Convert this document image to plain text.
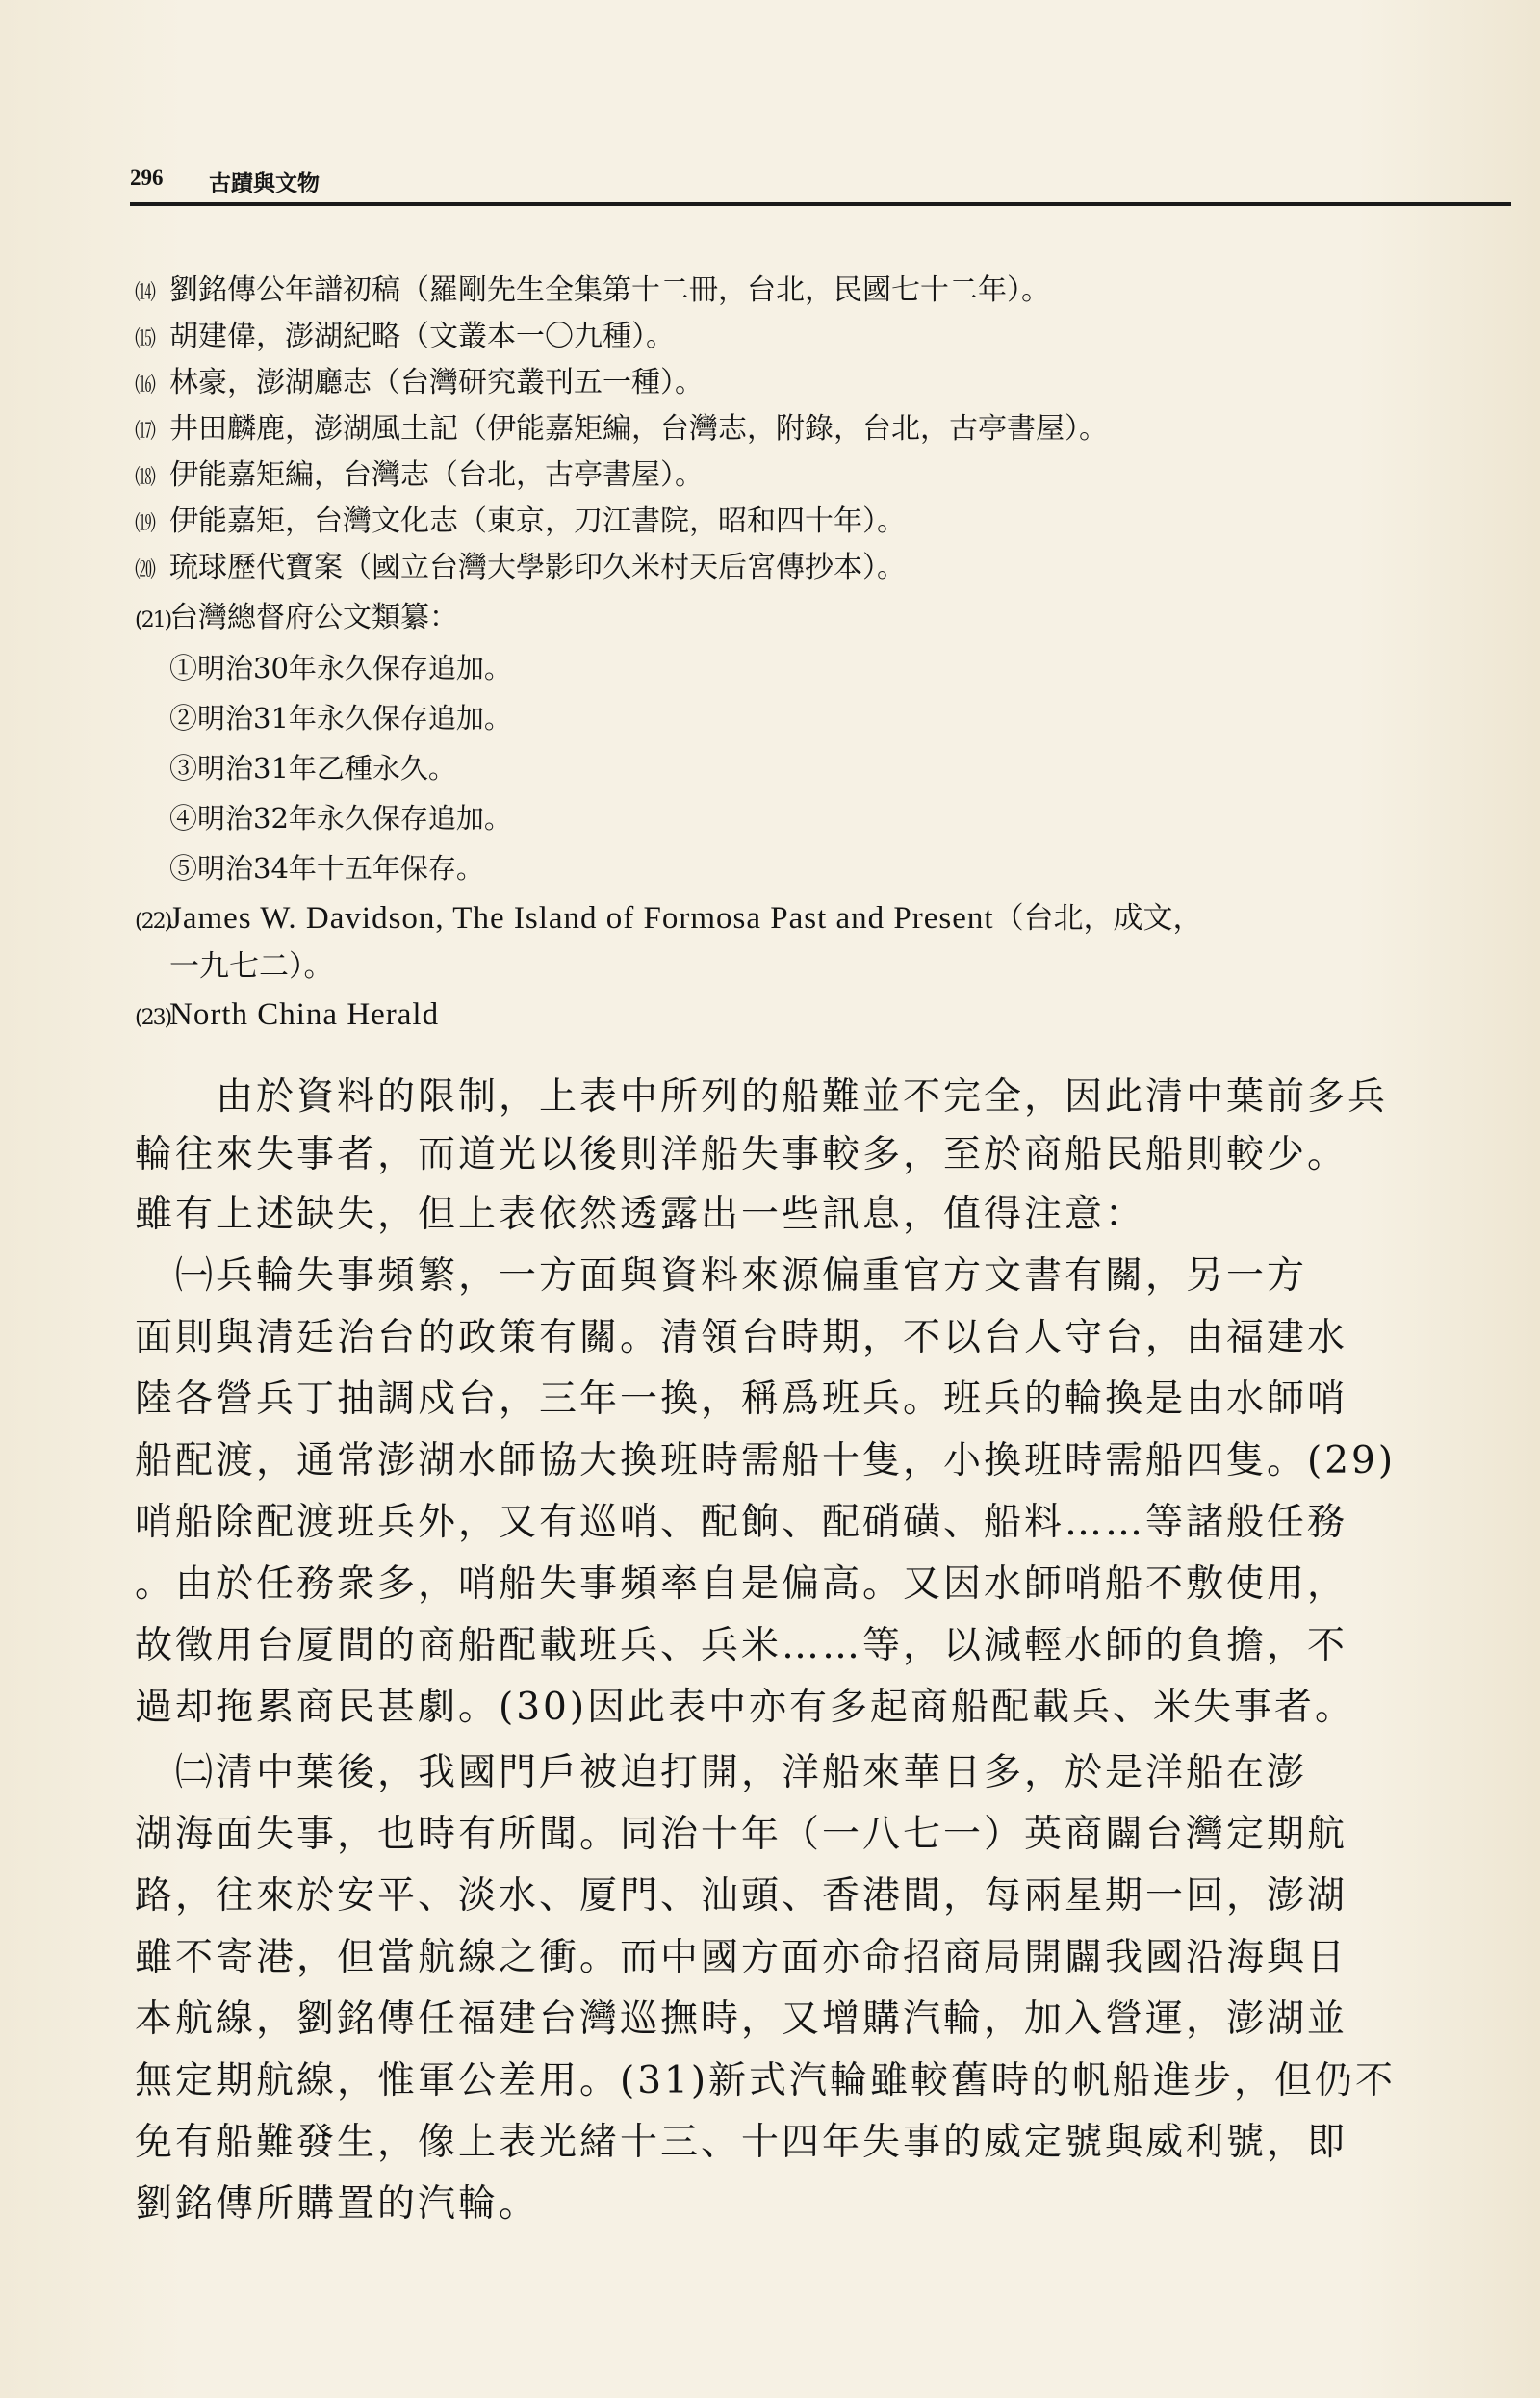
296 古蹟與文物
⒁ 劉銘傳公年譜初稿（羅剛先生全集第十二冊，台北，民國七十二年）。
⒂ 胡建偉，澎湖紀略（文叢本一〇九種）。
⒃ 林豪，澎湖廳志（台灣研究叢刊五一種）。
⒄ 井田麟鹿，澎湖風土記（伊能嘉矩編，台灣志，附錄，台北，古亭書屋）。
⒅ 伊能嘉矩編，台灣志（台北，古亭書屋）。
⒆ 伊能嘉矩，台灣文化志（東京，刀江書院，昭和四十年）。
⒇ 琉球歷代寶案（國立台灣大學影印久米村天后宮傳抄本）。
(21)台灣總督府公文類纂：
①明治30年永久保存追加。
②明治31年永久保存追加。
③明治31年乙種永久。
④明治32年永久保存追加。
⑤明治34年十五年保存。
(22)James W. Davidson, The Island of Formosa Past and Present（台北，成文，
一九七二）。
(23)North China Herald
　　由於資料的限制，上表中所列的船難並不完全，因此清中葉前多兵
輪往來失事者，而道光以後則洋船失事較多，至於商船民船則較少。
雖有上述缺失，但上表依然透露出一些訊息，值得注意：
　㈠兵輪失事頻繁，一方面與資料來源偏重官方文書有關，另一方
面則與清廷治台的政策有關。清領台時期，不以台人守台，由福建水
陸各營兵丁抽調戍台，三年一換，稱爲班兵。班兵的輪換是由水師哨
船配渡，通常澎湖水師協大換班時需船十隻，小換班時需船四隻。(29)
哨船除配渡班兵外，又有巡哨、配餉、配硝磺、船料……等諸般任務
。由於任務衆多，哨船失事頻率自是偏高。又因水師哨船不敷使用，
故徵用台厦間的商船配載班兵、兵米……等，以減輕水師的負擔，不
過却拖累商民甚劇。(30)因此表中亦有多起商船配載兵、米失事者。
　㈡清中葉後，我國門戶被迫打開，洋船來華日多，於是洋船在澎
湖海面失事，也時有所聞。同治十年（一八七一）英商闢台灣定期航
路，往來於安平、淡水、厦門、汕頭、香港間，每兩星期一回，澎湖
雖不寄港，但當航線之衝。而中國方面亦命招商局開闢我國沿海與日
本航線，劉銘傳任福建台灣巡撫時，又增購汽輪，加入營運，澎湖並
無定期航線，惟軍公差用。(31)新式汽輪雖較舊時的帆船進步，但仍不
免有船難發生，像上表光緒十三、十四年失事的威定號與威利號，即
劉銘傳所購置的汽輪。
